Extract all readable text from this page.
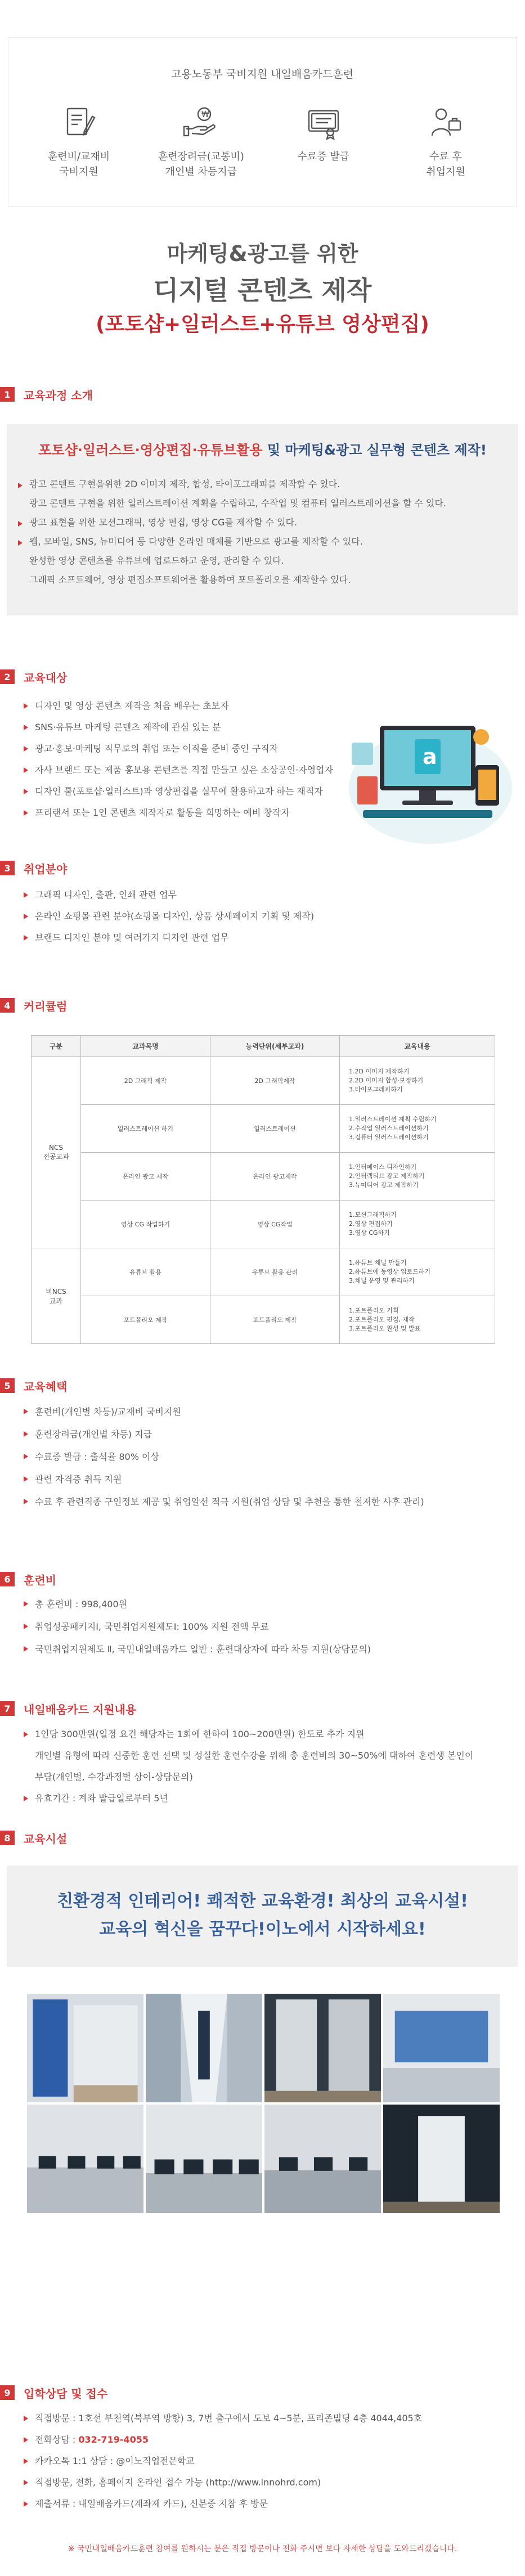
고용노동부 국비지원 내일배움카드훈련
훈련비/교재비
국비지원
₩
훈련장려금(교통비)
개인별 차등지급
수료증 발급	수료 후
취업지원
마케팅&광고를 위한
디지털 콘텐츠 제작
(포토샵+일러스트+유튜브 영상편집)
1	교육과정 소개
포토샵·일러스트·영상편집·유튜브활용 및 마케팅&광고 실무형 콘텐츠 제작!
광고 콘텐트 구현을위한 2D 이미지 제작, 합성, 타이포그래피를 제작할 수 있다.
광고 콘텐트 구현을 위한 일러스트레이션 계획을 수립하고, 수작업 및 컴퓨터 일러스트레이션을 할 수 있다.
광고 표현을 위한 모션그래픽, 영상 편집, 영상 CG를 제작할 수 있다.
웹, 모바일, SNS, 뉴미디어 등 다양한 온라인 매체를 기반으로 광고를 제작할 수 있다.
완성한 영상 콘텐츠를 유튜브에 업로드하고 운영, 관리할 수 있다.
그래픽 소프트웨어, 영상 편집소프트웨어를 활용하여 포트폴리오를 제작할수 있다.
2	교육대상
디자인 및 영상 콘텐츠 제작을 처음 배우는 초보자
SNS·유튜브 마케팅 콘텐츠 제작에 관심 있는 분
광고·홍보·마케팅 직무로의 취업 또는 이직을 준비 중인 구직자
자사 브랜드 또는 제품 홍보용 콘텐츠를 직접 만들고 싶은 소상공인·자영업자
디자인 툴(포토샵·일러스트)과 영상편집을 실무에 활용하고자 하는 재직자
프리랜서 또는 1인 콘텐츠 제작자로 활동을 희망하는 예비 창작자
a
3	취업분야
그래픽 디자인, 출판, 인쇄 관련 업무
온라인 쇼핑몰 관련 분야(쇼핑몰 디자인, 상품 상세페이지 기획 및 제작)
브랜드 디자인 분야 및 여러가지 디자인 관련 업무
4	커리큘럼
구분	교과목명	능력단위(세부교과)	교육내용
NCS
전공교과	2D 그래픽 제작	2D 그래픽제작	1.2D 이미지 제작하기
2.2D 이미지 합성·보정하기
3.타이포그래피하기
	일러스트레이션 하기	일러스트레이션	1.일러스트레이션 계획 수립하기
2.수작업 일러스트레이션하기
3.컴퓨터 일러스트레이션하기
	온라인 광고 제작	온라인 광고제작	1.인터페이스 디자인하기
2.인터랙티브 광고 제작하기
3.뉴미디어 광고 제작하기
	영상 CG 작업하기	영상 CG작업	1.모션그래픽하기
2.영상 편집하기
3.영상 CG하기
비NCS
교과	유튜브 활용	유튜브 활용 관리	1.유튜브 채널 만들기
2.유튜브에 동영상 업로드하기
3.채널 운영 및 관리하기
	포트폴리오 제작	포트폴리오 제작	1.포트폴리오 기획
2.포트폴리오 편집, 제작
3.포트폴리오 완성 및 발표
5	교육혜택
훈련비(개인별 차등)/교재비 국비지원
훈련장려금(개인별 차등) 지급
수료증 발급 : 출석율 80% 이상
관련 자격증 취득 지원
수료 후 관련직종 구인정보 제공 및 취업알선 적극 지원(취업 상담 및 추천을 통한 철저한 사후 관리)
6	훈련비
총 훈련비 : 998,400원
취업성공패키지Ⅰ, 국민취업지원제도Ⅰ: 100% 지원 전액 무료
국민취업지원제도 Ⅱ, 국민내일배움카드 일반 : 훈련대상자에 따라 차등 지원(상담문의)
7	내일배움카드 지원내용
1인당 300만원(일정 요건 해당자는 1회에 한하여 100~200만원) 한도로 추가 지원
개인별 유형에 따라 신중한 훈련 선택 및 성실한 훈련수강을 위해 총 훈련비의 30~50%에 대하여 훈련생 본인이
부담(개인별, 수강과정별 상이-상담문의)
유효기간 : 계좌 발급일로부터 5년
8	교육시설
친환경적 인테리어! 쾌적한 교육환경! 최상의 교육시설!
교육의 혁신을 꿈꾸다!이노에서 시작하세요!
9	입학상담 및 접수
직접방문 : 1호선 부천역(북부역 방향) 3, 7번 출구에서 도보 4~5분, 프리존빌딩 4층 4044,405호
전화상담 : 032-719-4055
카카오톡 1:1 상담 : @이노직업전문학교
직접방문, 전화, 홈페이지 온라인 접수 가능 (http://www.innohrd.com)
제출서류 : 내일배움카드(계좌제 카드), 신분증 지참 후 방문
※ 국민내일배움카드훈련 참여를 원하시는 분은 직접 방문이나 전화 주시면 보다 자세한 상담을 도와드리겠습니다.
